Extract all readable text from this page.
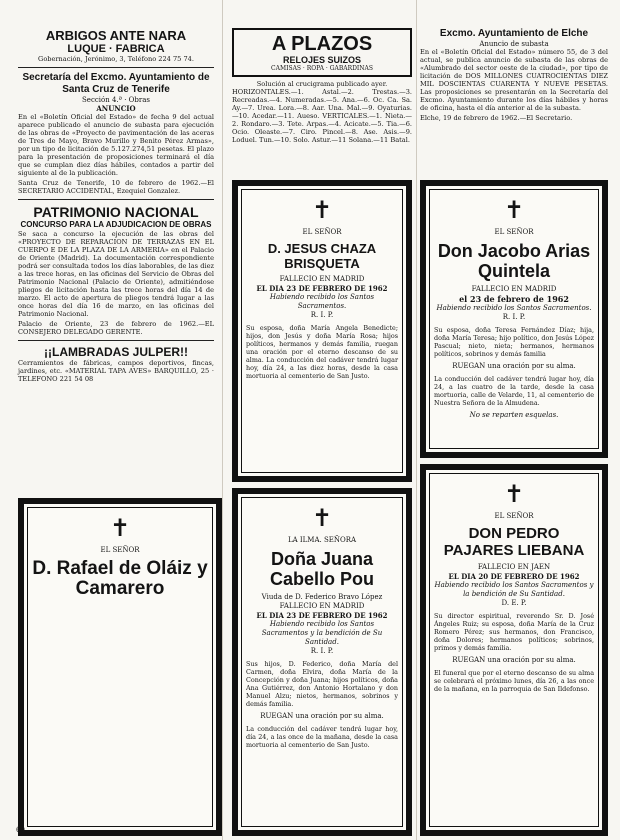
ARBIGOS ANTE NARA
LUQUE · FABRICA
Gobernación, Jerónimo, 3, Teléfono 224 75 74.
Secretaría del Excmo. Ayuntamiento de Santa Cruz de Tenerife
Sección 4.ª · Obras
ANUNCIO

En el «Boletín Oficial del Estado» de fecha 9 del actual aparece publicado el anuncio de subasta para ejecución de las obras de «Proyecto de pavimentación de las aceras de Tres de Mayo, Bravo Murillo y Benito Pérez Armas», por un tipo de licitación de 5.127.274,51 pesetas. El plazo para la presentación de proposiciones terminará el día que se cumplan diez días hábiles, contados a partir del siguiente al de la publicación.

Santa Cruz de Tenerife, 10 de febrero de 1962.—El SECRETARIO ACCIDENTAL, Ezequiel Gonzalez.

PATRIMONIO NACIONAL
CONCURSO PARA LA ADJUDICACION DE OBRAS

Se saca a concurso la ejecución de las obras del «PROYECTO DE REPARACION DE TERRAZAS EN EL CUERPO E DE LA PLAZA DE LA ARMERIA» en el Palacio de Oriente (Madrid). La documentación correspondiente podrá ser consultada todos los días laborables, de las diez a las trece horas, en las oficinas del Servicio de Obras del Patrimonio Nacional (Palacio de Oriente), admitiéndose pliegos de licitación hasta las trece horas del día 14 de marzo. El acto de apertura de pliegos tendrá lugar a las once horas del día 16 de marzo, en las oficinas del Patrimonio Nacional.

Palacio de Oriente, 23 de febrero de 1962.—EL CONSEJERO DELEGADO GERENTE.

¡¡LAMBRADAS JULPER!!

Cerramientos de fábricas, campos deportivos, fincas, jardines, etc. «MATERIAL TAPA AVES» BARQUILLO, 25 · TELEFONO 221 54 08

✝
EL SEÑOR
D. Rafael de Oláiz y Camarero
A PLAZOS
RELOJES SUIZOS
CAMISAS · ROPA · GABARDINAS
Solución al crucigrama publicado ayer.

HORIZONTALES.—1. Astal.—2. Trestas.—3. Recreadas.—4. Numeradas.—5. Ana.—6. Oc. Ca. Sa. Ay.—7. Urea. Lora.—8. Aar. Una. Mal.—9. Oyaturias.—10. Acedar.—11. Aueso. VERTICALES.—1. Nieta.—2. Rondaro.—3. Tete. Arpas.—4. Acicate.—5. Tia.—6. Ocio. Oleaste.—7. Ciro. Pincel.—8. Ase. Asis.—9. Loduel. Tun.—10. Solo. Astur.—11 Solana.—11 Batal.

✝
EL SEÑOR
D. JESUS CHAZA BRISQUETA
FALLECIO EN MADRID
EL DIA 23 DE FEBRERO DE 1962
Habiendo recibido los Santos Sacramentos.
R. I. P.
Su esposa, doña María Angela Benedicte; hijos, don Jesús y doña María Rosa; hijos políticos, hermanos y demás familia, ruegan una oración por el eterno descanso de su alma. La conducción del cadáver tendrá lugar hoy, día 24, a las diez horas, desde la casa mortuoria al cementerio de San Justo.
✝
LA ILMA. SEÑORA
Doña Juana Cabello Pou
Viuda de D. Federico Bravo López
FALLECIO EN MADRID
EL DIA 23 DE FEBRERO DE 1962
Habiendo recibido los Santos Sacramentos y la bendición de Su Santidad.
R. I. P.
Sus hijos, D. Federico, doña María del Carmen, doña Elvira, doña María de la Concepción y doña Juana; hijos políticos, doña Ana Gutiérrez, don Antonio Hortalano y don Manuel Alzu; nietos, hermanos, sobrinos y demás familia.
RUEGAN una oración por su alma.
La conducción del cadáver tendrá lugar hoy, día 24, a las once de la mañana, desde la casa mortuoria al cementerio de San Justo.
Excmo. Ayuntamiento de Elche
Anuncio de subasta

En el «Boletín Oficial del Estado» número 55, de 3 del actual, se publica anuncio de subasta de las obras de «Alumbrado del sector oeste de la ciudad», por tipo de licitación de DOS MILLONES CUATROCIENTAS DIEZ MIL DOSCIENTAS CUARENTA Y NUEVE PESETAS. Las proposiciones se presentarán en la Secretaría del Excmo. Ayuntamiento durante los días hábiles y horas de oficina, hasta el día anterior al de la subasta.

Elche, 19 de febrero de 1962.—El Secretario.

✝
EL SEÑOR
Don Jacobo Arias Quintela
FALLECIO EN MADRID
el 23 de febrero de 1962
Habiendo recibido los Santos Sacramentos.
R. I. P.
Su esposa, doña Teresa Fernández Díaz; hija, doña María Teresa; hijo político, don Jesús López Pascual; nieto, nieta; hermanos, hermanos políticos, sobrinos y demás familia
RUEGAN una oración por su alma.
La conducción del cadáver tendrá lugar hoy, día 24, a las cuatro de la tarde, desde la casa mortuoria, calle de Velarde, 11, al cementerio de Nuestra Señora de la Almudena.
No se reparten esquelas.
✝
EL SEÑOR
DON PEDRO PAJARES LIEBANA
FALLECIO EN JAEN
EL DIA 20 DE FEBRERO DE 1962
Habiendo recibido los Santos Sacramentos y la bendición de Su Santidad.
D. E. P.
Su director espiritual, reverendo Sr. D. José Ángeles Ruiz; su esposa, doña María de la Cruz Romero Pérez; sus hermanos, don Francisco, doña Dolores; hermanos políticos; sobrinos, primos y demás familia.
RUEGAN una oración por su alma.
El funeral que por el eterno descanso de su alma se celebrará el próximo lunes, día 26, a las once de la mañana, en la parroquia de San Ildefonso.
60
